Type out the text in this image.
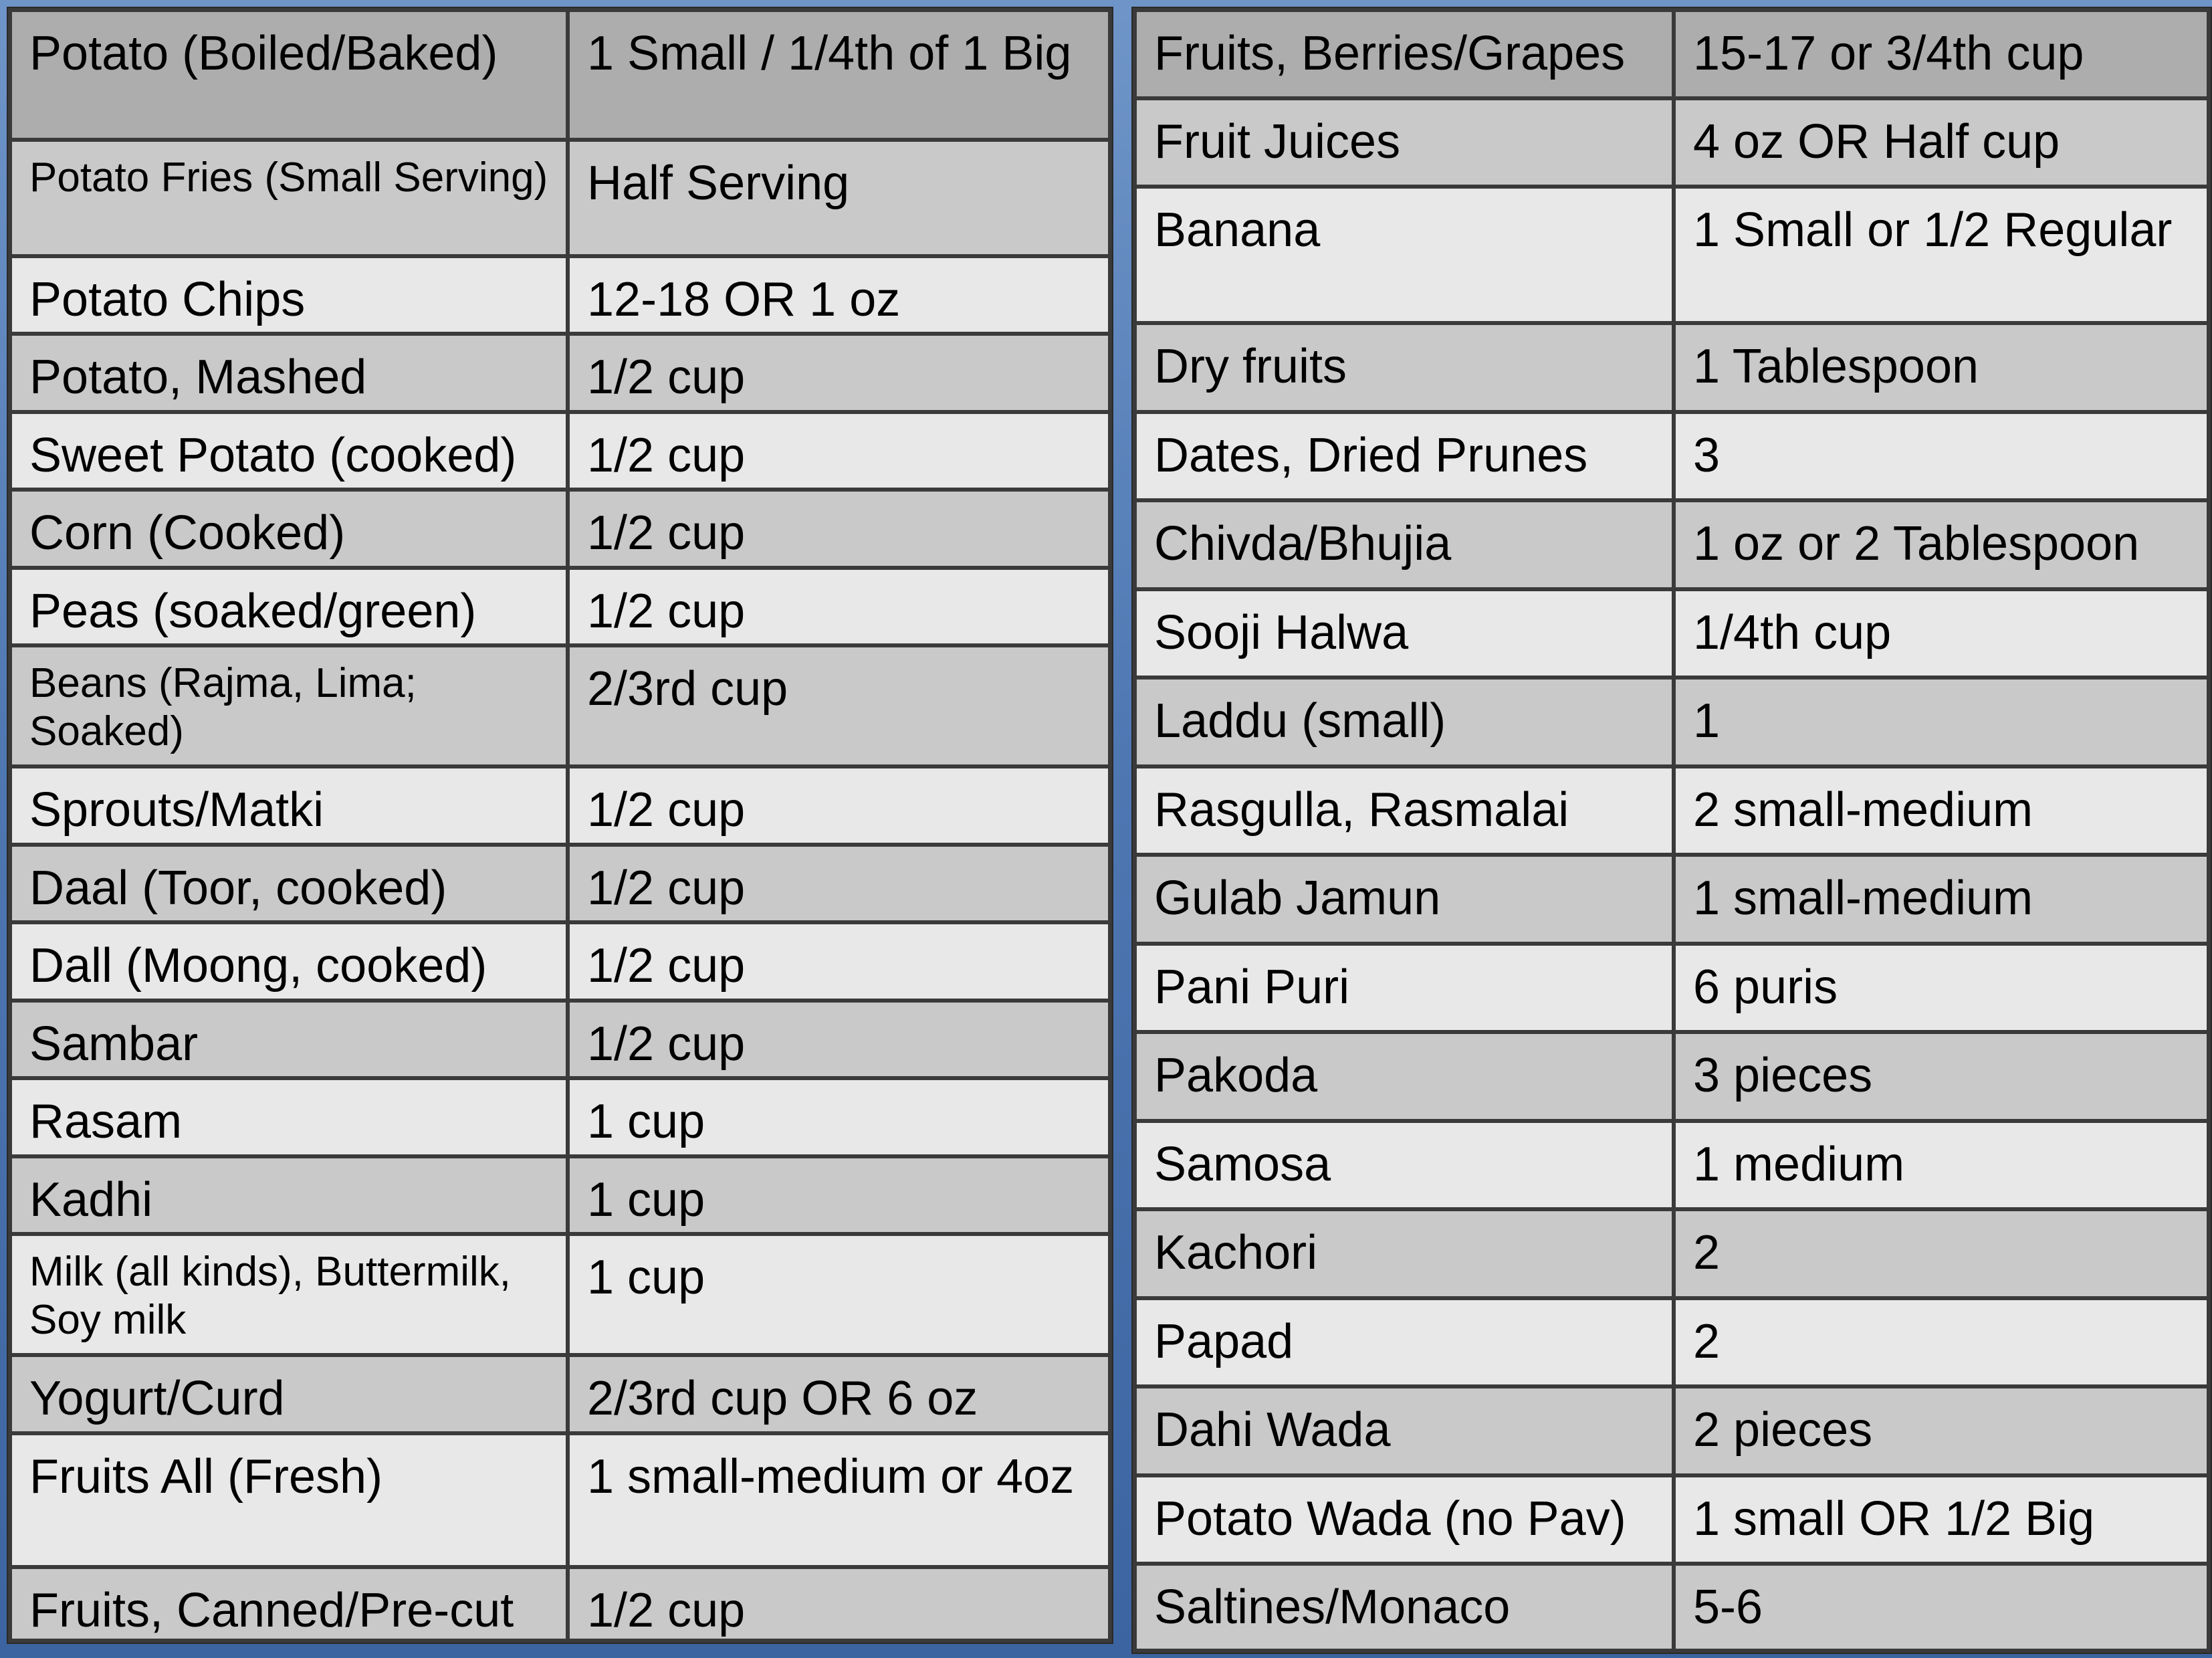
Potato (Boiled/Baked)	1 Small / 1/4th of 1 Big
Potato Fries (Small Serving)	Half Serving
Potato Chips	12-18 OR 1 oz
Potato, Mashed	1/2 cup
Sweet Potato (cooked)	1/2 cup
Corn (Cooked)	1/2 cup
Peas (soaked/green)	1/2 cup
Beans (Rajma, Lima; Soaked)	2/3rd cup
Sprouts/Matki	1/2 cup
Daal (Toor, cooked)	1/2 cup
Dall (Moong, cooked)	1/2 cup
Sambar	1/2 cup
Rasam	1 cup
Kadhi	1 cup
Milk (all kinds), Buttermilk, Soy milk	1 cup
Yogurt/Curd	2/3rd cup OR 6 oz
Fruits All (Fresh)	1 small-medium or 4oz
Fruits, Canned/Pre-cut	1/2 cup
Fruits, Berries/Grapes	15-17 or 3/4th cup
Fruit Juices	4 oz OR Half cup
Banana	1 Small or 1/2 Regular
Dry fruits	1 Tablespoon
Dates, Dried Prunes	3
Chivda/Bhujia	1 oz or 2 Tablespoon
Sooji Halwa	1/4th cup
Laddu (small)	1
Rasgulla, Rasmalai	2 small-medium
Gulab Jamun	1 small-medium
Pani Puri	6 puris
Pakoda	3 pieces
Samosa	1 medium
Kachori	2
Papad	2
Dahi Wada	2 pieces
Potato Wada (no Pav)	1 small OR 1/2 Big
Saltines/Monaco	5-6
